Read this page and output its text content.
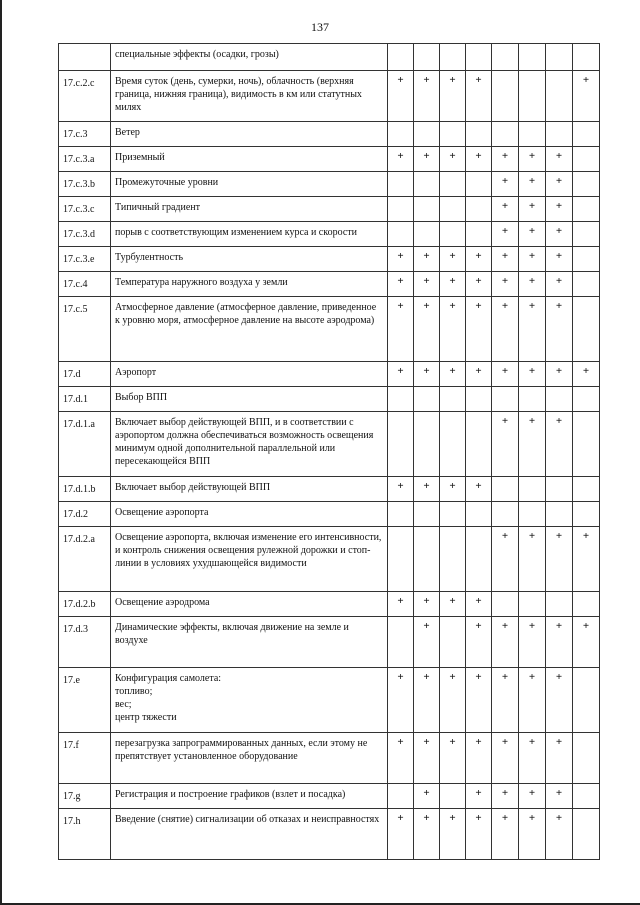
137
	специальные эффекты (осадки, грозы)								
17.c.2.c	Время суток (день, сумерки, ночь), облачность (верхняя граница, нижняя граница), видимость в км или статутных милях	+	+	+	+				+
17.c.3	Ветер								
17.c.3.a	Приземный	+	+	+	+	+	+	+	
17.c.3.b	Промежуточные уровни					+	+	+	
17.c.3.c	Типичный градиент					+	+	+	
17.c.3.d	порыв с соответствующим изменением курса и скорости					+	+	+	
17.c.3.e	Турбулентность	+	+	+	+	+	+	+	
17.c.4	Температура наружного воздуха у земли	+	+	+	+	+	+	+	
17.c.5	Атмосферное давление (атмосферное давление, приведенное к уровню моря, атмосферное давление на высоте аэродрома)	+	+	+	+	+	+	+	
17.d	Аэропорт	+	+	+	+	+	+	+	+
17.d.1	Выбор ВПП								
17.d.1.a	Включает выбор действующей ВПП, и в соответствии с аэропортом должна обеспечиваться возможность освещения минимум одной дополнительной параллельной или пересекающейся ВПП					+	+	+	
17.d.1.b	Включает выбор действующей ВПП	+	+	+	+				
17.d.2	Освещение аэропорта								
17.d.2.a	Освещение аэропорта, включая изменение его интенсивности, и контроль снижения освещения рулежной дорожки и стоп-линии в условиях ухудшающейся видимости					+	+	+	+
17.d.2.b	Освещение аэродрома	+	+	+	+				
17.d.3	Динамические эффекты, включая движение на земле и воздухе		+		+	+	+	+	+
17.e	Конфигурация самолета:
топливо;
вес;
центр тяжести	+	+	+	+	+	+	+	
17.f	перезагрузка запрограммированных данных, если этому не препятствует установленное оборудование	+	+	+	+	+	+	+	
17.g	Регистрация и построение графиков (взлет и посадка)		+		+	+	+	+	
17.h	Введение (снятие) сигнализации об отказах и неисправностях	+	+	+	+	+	+	+	
